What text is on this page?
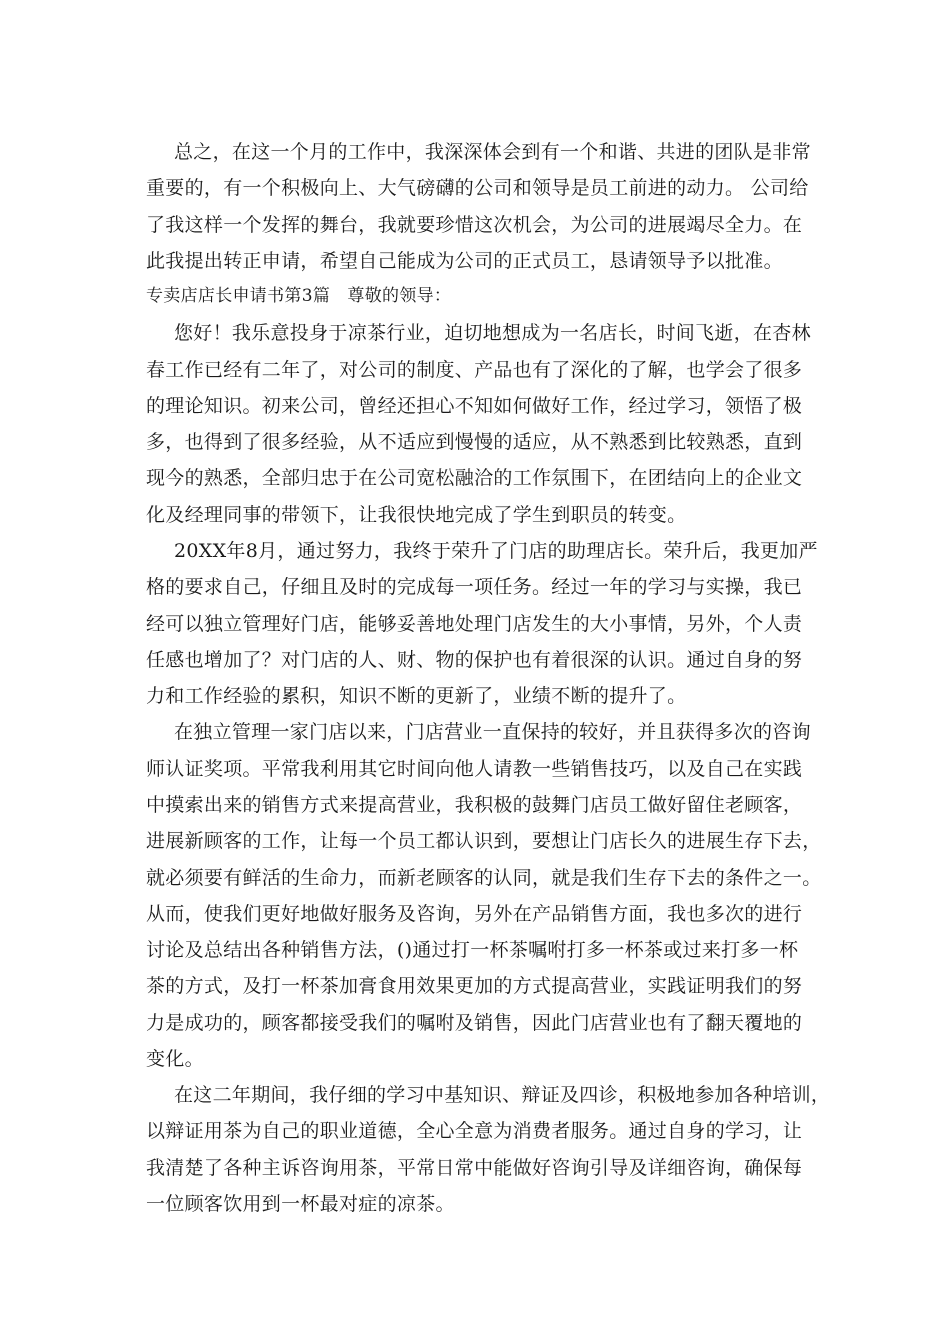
总之，在这一个月的工作中，我深深体会到有一个和谐、共进的团队是非常
重要的，有一个积极向上、大气磅礴的公司和领导是员工前进的动力。 公司给
了我这样一个发挥的舞台，我就要珍惜这次机会，为公司的进展竭尽全力。在
此我提出转正申请，希望自己能成为公司的正式员工，恳请领导予以批准。
专卖店店长申请书第3篇　尊敬的领导：
您好！我乐意投身于凉茶行业，迫切地想成为一名店长，时间飞逝，在杏林
春工作已经有二年了，对公司的制度、产品也有了深化的了解，也学会了很多
的理论知识。初来公司，曾经还担心不知如何做好工作，经过学习，领悟了极
多，也得到了很多经验，从不适应到慢慢的适应，从不熟悉到比较熟悉，直到
现今的熟悉，全部归忠于在公司宽松融洽的工作氛围下，在团结向上的企业文
化及经理同事的带领下，让我很快地完成了学生到职员的转变。
20XX年8月，通过努力，我终于荣升了门店的助理店长。荣升后，我更加严
格的要求自己，仔细且及时的完成每一项任务。经过一年的学习与实操，我已
经可以独立管理好门店，能够妥善地处理门店发生的大小事情，另外，个人责
任感也增加了？对门店的人、财、物的保护也有着很深的认识。通过自身的努
力和工作经验的累积，知识不断的更新了，业绩不断的提升了。
在独立管理一家门店以来，门店营业一直保持的较好，并且获得多次的咨询
师认证奖项。平常我利用其它时间向他人请教一些销售技巧，以及自己在实践
中摸索出来的销售方式来提高营业，我积极的鼓舞门店员工做好留住老顾客，
进展新顾客的工作，让每一个员工都认识到，要想让门店长久的进展生存下去，
就必须要有鲜活的生命力，而新老顾客的认同，就是我们生存下去的条件之一。
从而，使我们更好地做好服务及咨询，另外在产品销售方面，我也多次的进行
讨论及总结出各种销售方法，()通过打一杯茶嘱咐打多一杯茶或过来打多一杯
茶的方式，及打一杯茶加膏食用效果更加的方式提高营业，实践证明我们的努
力是成功的，顾客都接受我们的嘱咐及销售，因此门店营业也有了翻天覆地的
变化。
在这二年期间，我仔细的学习中基知识、辩证及四诊，积极地参加各种培训，
以辩证用茶为自己的职业道德，全心全意为消费者服务。通过自身的学习，让
我清楚了各种主诉咨询用茶，平常日常中能做好咨询引导及详细咨询，确保每
一位顾客饮用到一杯最对症的凉茶。
